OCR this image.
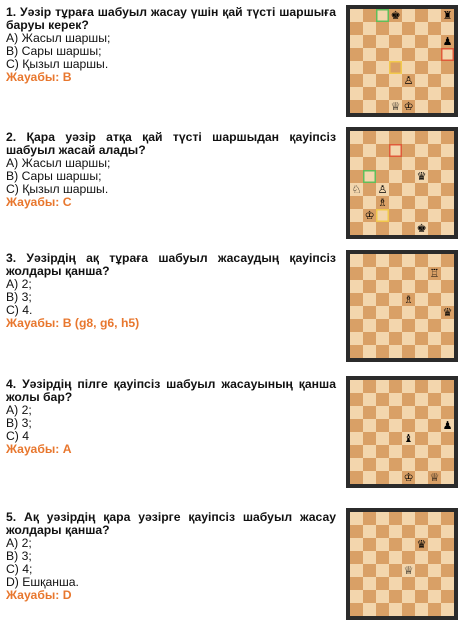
1. Уәзір тұраға шабуыл жасау үшін қай түсті шаршыға баруы керек?
A) Жасыл шаршы;
B) Сары шаршы;
C) Қызыл шаршы.
Жауабы: B
♚	♜
♟
♙
♕ ♔
2. Қара уәзір атқа қай түсті шаршыдан қауіпсіз шабуыл жасай алады?
A) Жасыл шаршы;
B) Сары шаршы;
C) Қызыл шаршы.
Жауабы: C
♛
♘ ♙
♗
♔
♚
3. Уәзірдің ақ тұраға шабуыл жасаудың қауіпсіз жолдары қанша?
A) 2;
B) 3;
C) 4.
Жауабы: B (g8, g6, h5)
♖
♗
♛
4. Уәзірдің пілге қауіпсіз шабуыл жасауының қанша жолы бар?
A) 2;
B) 3;
C) 4
Жауабы: A
♟
♝
♔ ♕
5. Ақ уәзірдің қара уәзірге қауіпсіз шабуыл жасау жолдары қанша?
A) 2;
B) 3;
C) 4;
D) Ешқанша.
Жауабы: D
♛
♕
